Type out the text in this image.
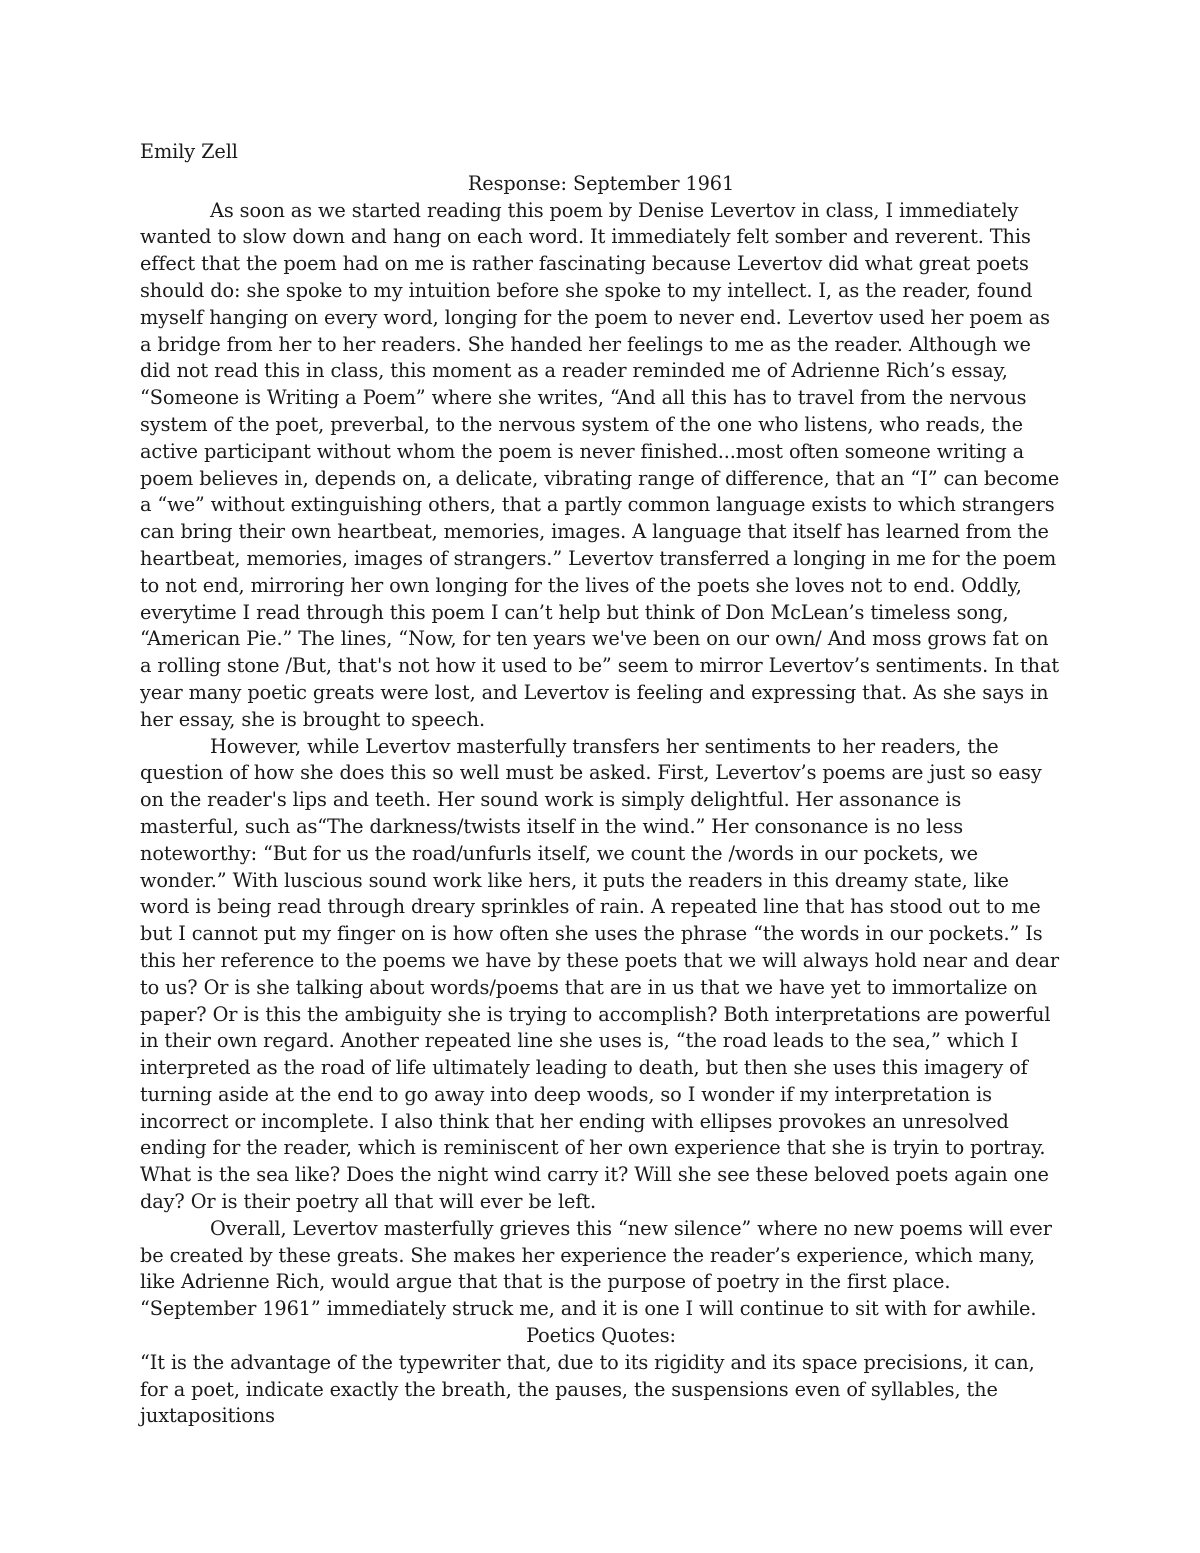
Emily Zell

Response: September 1961

As soon as we started reading this poem by Denise Levertov in class, I immediately wanted to slow down and hang on each word. It immediately felt somber and reverent. This effect that the poem had on me is rather fascinating because Levertov did what great poets should do: she spoke to my intuition before she spoke to my intellect. I, as the reader, found myself hanging on every word, longing for the poem to never end. Levertov used her poem as a bridge from her to her readers. She handed her feelings to me as the reader. Although we did not read this in class, this moment as a reader reminded me of Adrienne Rich’s essay, “Someone is Writing a Poem” where she writes, “And all this has to travel from the nervous system of the poet, preverbal, to the nervous system of the one who listens, who reads, the active participant without whom the poem is never finished...most often someone writing a poem believes in, depends on, a delicate, vibrating range of difference, that an “I” can become a “we” without extinguishing others, that a partly common language exists to which strangers can bring their own heartbeat, memories, images. A language that itself has learned from the heartbeat, memories, images of strangers.” Levertov transferred a longing in me for the poem to not end, mirroring her own longing for the lives of the poets she loves not to end. Oddly, everytime I read through this poem I can’t help but think of Don McLean’s timeless song, “American Pie.” The lines, “Now, for ten years we've been on our own/ And moss grows fat on a rolling stone /But, that's not how it used to be” seem to mirror Levertov’s sentiments. In that year many poetic greats were lost, and Levertov is feeling and expressing that. As she says in her essay, she is brought to speech.

However, while Levertov masterfully transfers her sentiments to her readers, the question of how she does this so well must be asked. First, Levertov’s poems are just so easy on the reader's lips and teeth. Her sound work is simply delightful. Her assonance is masterful, such as“The darkness/twists itself in the wind.” Her consonance is no less noteworthy: “But for us the road/unfurls itself, we count the /words in our pockets, we wonder.” With luscious sound work like hers, it puts the readers in this dreamy state, like word is being read through dreary sprinkles of rain. A repeated line that has stood out to me but I cannot put my finger on is how often she uses the phrase “the words in our pockets.” Is this her reference to the poems we have by these poets that we will always hold near and dear to us? Or is she talking about words/poems that are in us that we have yet to immortalize on paper? Or is this the ambiguity she is trying to accomplish? Both interpretations are powerful in their own regard. Another repeated line she uses is, “the road leads to the sea,” which I interpreted as the road of life ultimately leading to death, but then she uses this imagery of turning aside at the end to go away into deep woods, so I wonder if my interpretation is incorrect or incomplete. I also think that her ending with ellipses provokes an unresolved ending for the reader, which is reminiscent of her own experience that she is tryin to portray. What is the sea like? Does the night wind carry it? Will she see these beloved poets again one day? Or is their poetry all that will ever be left.

Overall, Levertov masterfully grieves this “new silence” where no new poems will ever be created by these greats. She makes her experience the reader’s experience, which many, like Adrienne Rich, would argue that that is the purpose of poetry in the first place. “September 1961” immediately struck me, and it is one I will continue to sit with for awhile.

Poetics Quotes:

“It is the advantage of the typewriter that, due to its rigidity and its space precisions, it can, for a poet, indicate exactly the breath, the pauses, the suspensions even of syllables, the juxtapositions
